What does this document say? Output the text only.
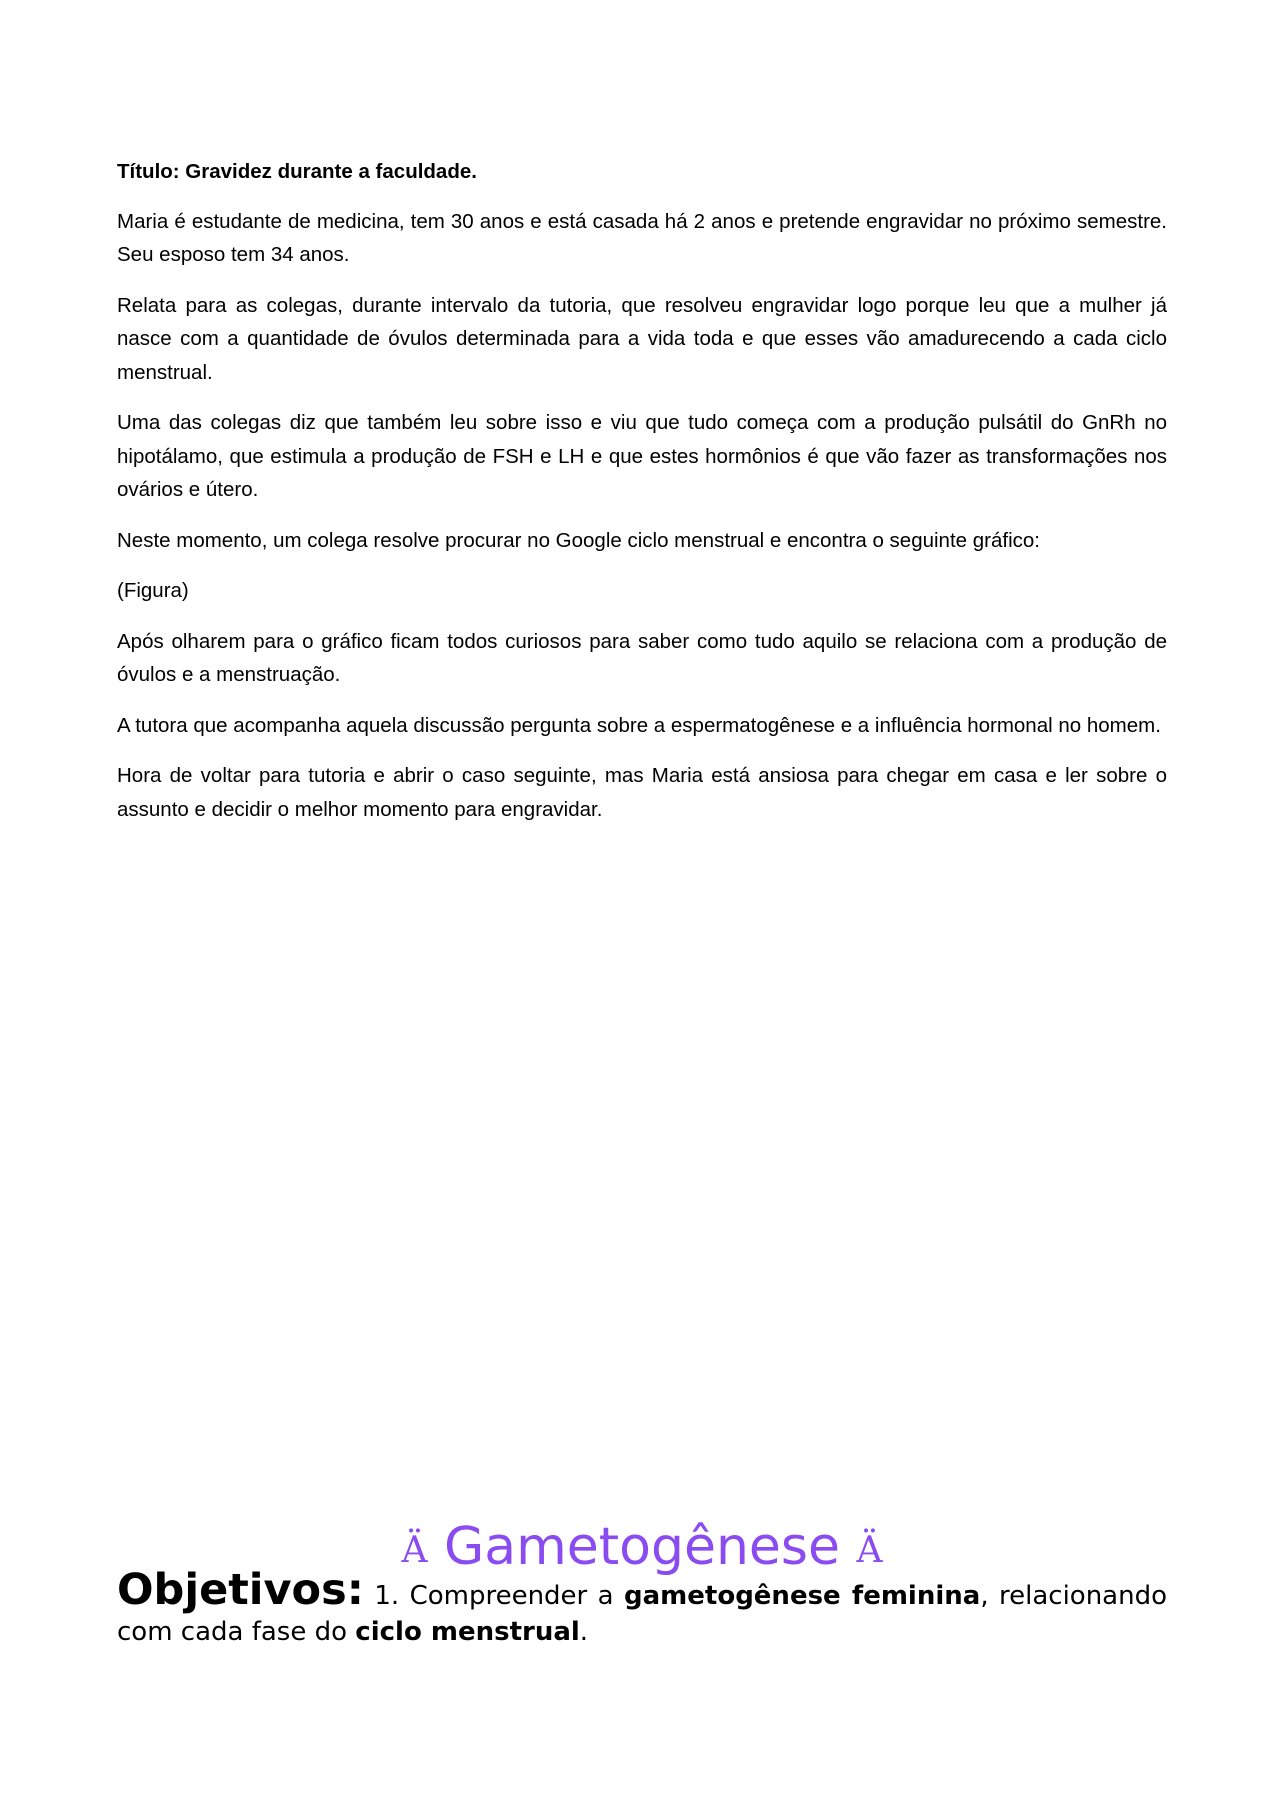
Título: Gravidez durante a faculdade.

Maria é estudante de medicina, tem 30 anos e está casada há 2 anos e pretende engravidar no próximo semestre. Seu esposo tem 34 anos.

Relata para as colegas, durante intervalo da tutoria, que resolveu engravidar logo porque leu que a mulher já nasce com a quantidade de óvulos determinada para a vida toda e que esses vão amadurecendo a cada ciclo menstrual.

Uma das colegas diz que também leu sobre isso e viu que tudo começa com a produção pulsátil do GnRh no hipotálamo, que estimula a produção de FSH e LH e que estes hormônios é que vão fazer as transformações nos ovários e útero.

Neste momento, um colega resolve procurar no Google ciclo menstrual e encontra o seguinte gráfico:

(Figura)

Após olharem para o gráfico ficam todos curiosos para saber como tudo aquilo se relaciona com a produção de óvulos e a menstruação.

A tutora que acompanha aquela discussão pergunta sobre a espermatogênese e a influência hormonal no homem.

Hora de voltar para tutoria e abrir o caso seguinte, mas Maria está ansiosa para chegar em casa e ler sobre o assunto e decidir o melhor momento para engravidar.

Ä Gametogênese Ä
Objetivos: 1. Compreender a gametogênese feminina, relacionando com cada fase do ciclo menstrual.
